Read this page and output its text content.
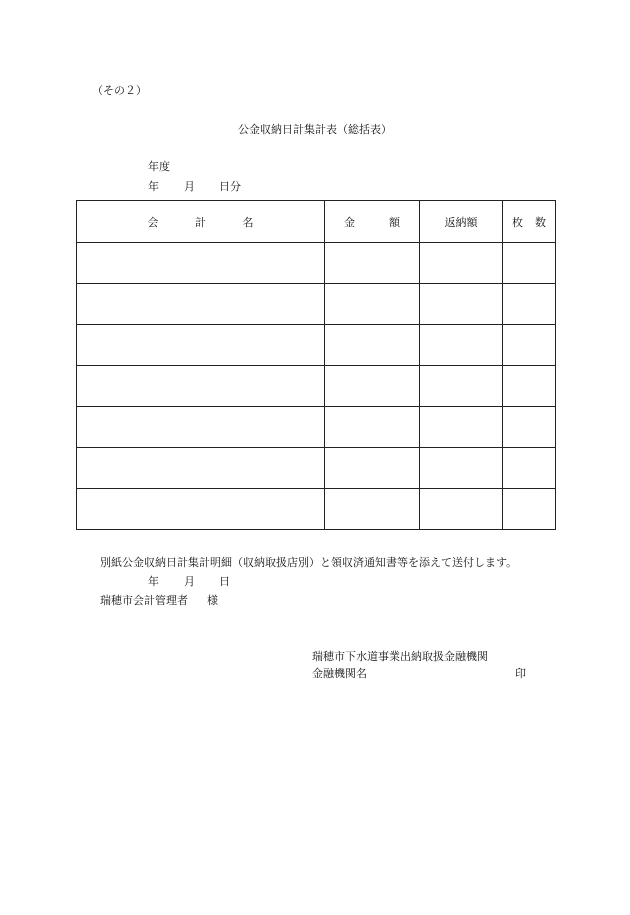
（その２）
公金収納日計集計表（総括表）
年度
年 月 日分
会 計 名	金 額	返納額	枚 数

別紙公金収納日計集計明細（収納取扱店別）と領収済通知書等を添えて送付します。
年 月 日
瑞穂市会計管理者 様
瑞穂市下水道事業出納取扱金融機関
金融機関名	印
